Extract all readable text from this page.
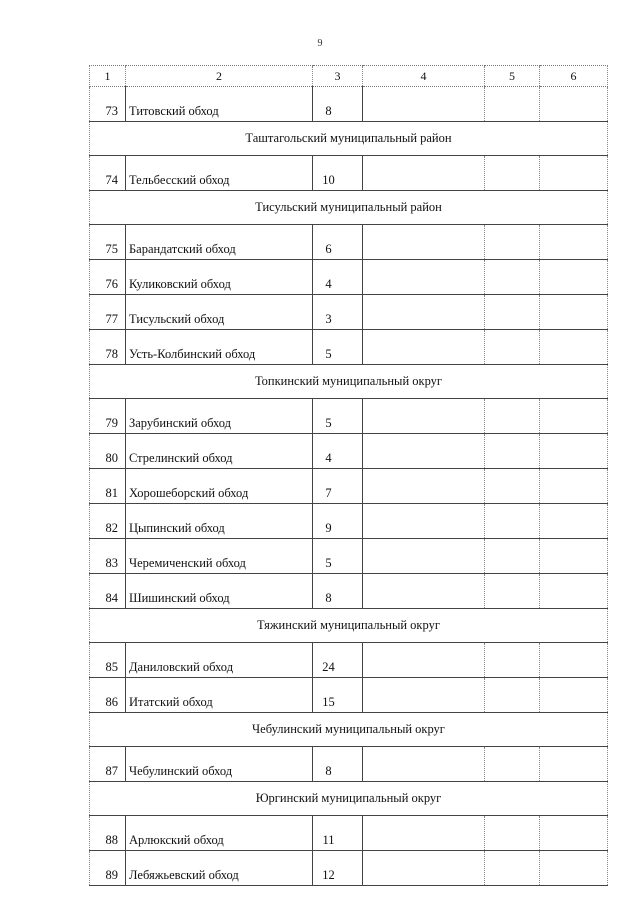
9
1	2	3	4	5	6
73	Титовский обход	8			
Таштагольский муниципальный район					
74	Тельбесский обход	10			
Тисульский муниципальный район					
75	Барандатский обход	6			
76	Куликовский обход	4			
77	Тисульский обход	3			
78	Усть-Колбинский обход	5			
Топкинский муниципальный округ					
79	Зарубинский обход	5			
80	Стрелинский обход	4			
81	Хорошеборский обход	7			
82	Цыпинский обход	9			
83	Черемиченский обход	5			
84	Шишинский обход	8			
Тяжинский муниципальный округ					
85	Даниловский обход	24			
86	Итатский обход	15			
Чебулинский муниципальный округ					
87	Чебулинский обход	8			
Юргинский муниципальный округ					
88	Арлюкский обход	11			
89	Лебяжьевский обход	12			
